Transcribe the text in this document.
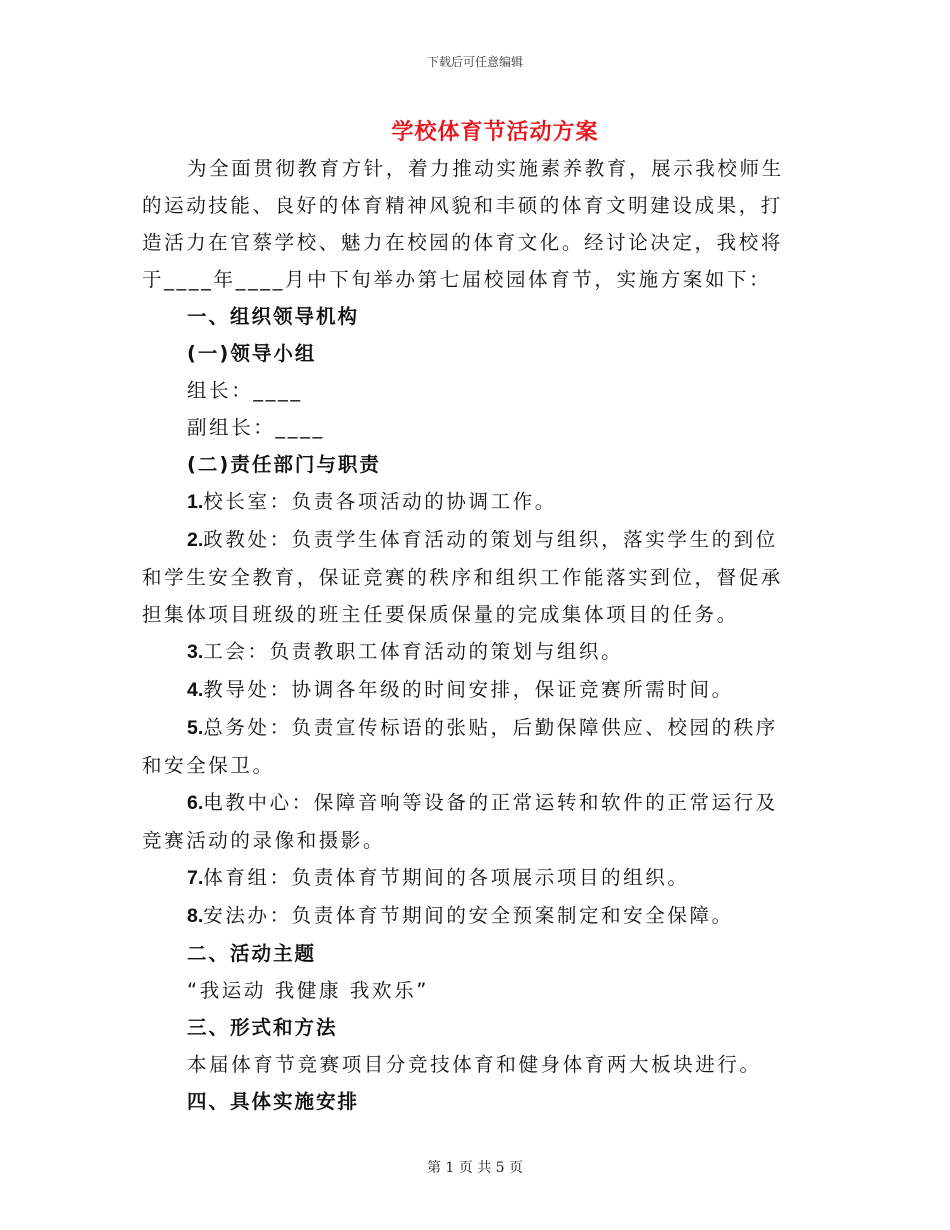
下载后可任意编辑
学校体育节活动方案

为全面贯彻教育方针，着力推动实施素养教育，展示我校师生的运动技能、良好的体育精神风貌和丰硕的体育文明建设成果，打造活力在官蔡学校、魅力在校园的体育文化。经讨论决定，我校将于____年____月中下旬举办第七届校园体育节，实施方案如下：

一、组织领导机构

(一)领导小组

组长：____

副组长：____

(二)责任部门与职责

1.校长室：负责各项活动的协调工作。

2.政教处：负责学生体育活动的策划与组织，落实学生的到位和学生安全教育，保证竞赛的秩序和组织工作能落实到位，督促承担集体项目班级的班主任要保质保量的完成集体项目的任务。

3.工会：负责教职工体育活动的策划与组织。

4.教导处：协调各年级的时间安排，保证竞赛所需时间。

5.总务处：负责宣传标语的张贴，后勤保障供应、校园的秩序和安全保卫。

6.电教中心：保障音响等设备的正常运转和软件的正常运行及竞赛活动的录像和摄影。

7.体育组：负责体育节期间的各项展示项目的组织。

8.安法办：负责体育节期间的安全预案制定和安全保障。

二、活动主题

“我运动 我健康 我欢乐”

三、形式和方法

本届体育节竞赛项目分竞技体育和健身体育两大板块进行。

四、具体实施安排

第 1 页 共 5 页
